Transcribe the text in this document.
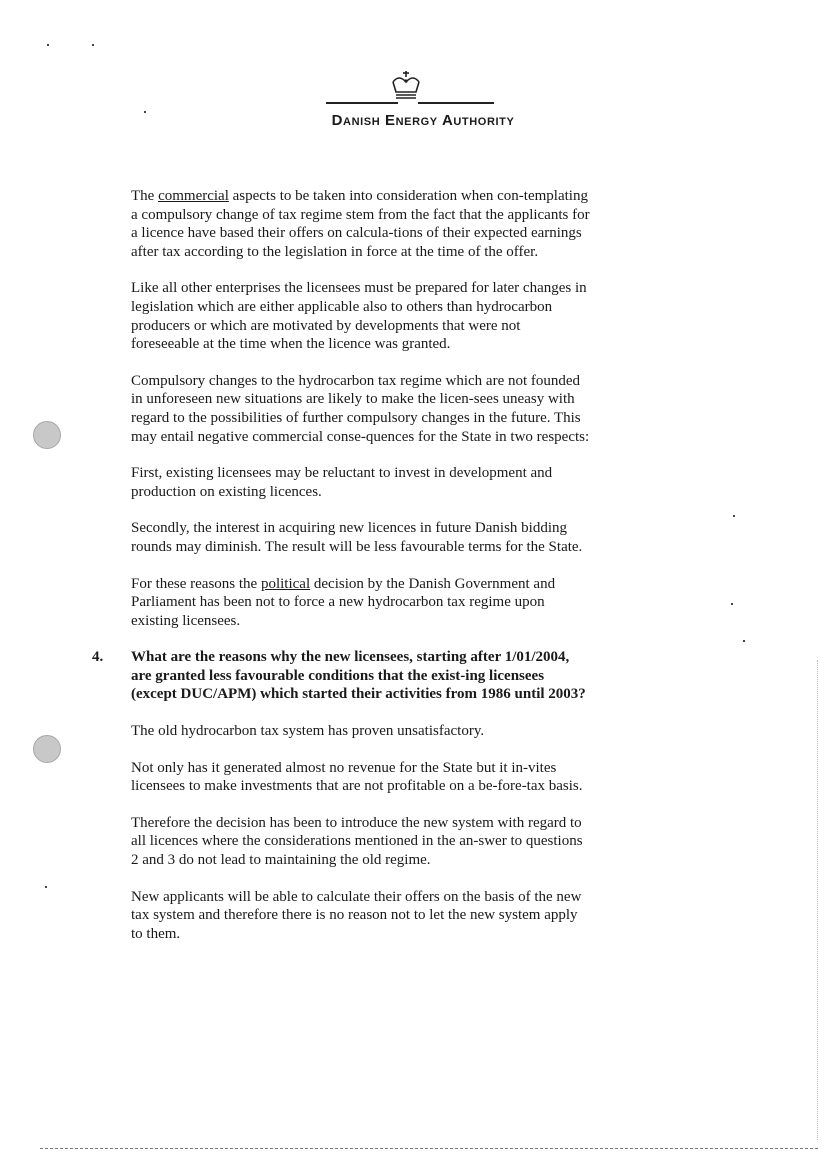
Danish Energy Authority

The commercial aspects to be taken into consideration when con-templating a compulsory change of tax regime stem from the fact that the applicants for a licence have based their offers on calcula-tions of their expected earnings after tax according to the legislation in force at the time of the offer.

Like all other enterprises the licensees must be prepared for later changes in legislation which are either applicable also to others than hydrocarbon producers or which are motivated by developments that were not foreseeable at the time when the licence was granted.

Compulsory changes to the hydrocarbon tax regime which are not founded in unforeseen new situations are likely to make the licen-sees uneasy with regard to the possibilities of further compulsory changes in the future. This may entail negative commercial conse-quences for the State in two respects:

First, existing licensees may be reluctant to invest in development and production on existing licences.

Secondly, the interest in acquiring new licences in future Danish bidding rounds may diminish. The result will be less favourable terms for the State.

For these reasons the political decision by the Danish Government and Parliament has been not to force a new hydrocarbon tax regime upon existing licensees.

4. What are the reasons why the new licensees, starting after 1/01/2004, are granted less favourable conditions that the exist-ing licensees (except DUC/APM) which started their activities from 1986 until 2003?

The old hydrocarbon tax system has proven unsatisfactory.

Not only has it generated almost no revenue for the State but it in-vites licensees to make investments that are not profitable on a be-fore-tax basis.

Therefore the decision has been to introduce the new system with regard to all licences where the considerations mentioned in the an-swer to questions 2 and 3 do not lead to maintaining the old regime.

New applicants will be able to calculate their offers on the basis of the new tax system and therefore there is no reason not to let the new system apply to them.
